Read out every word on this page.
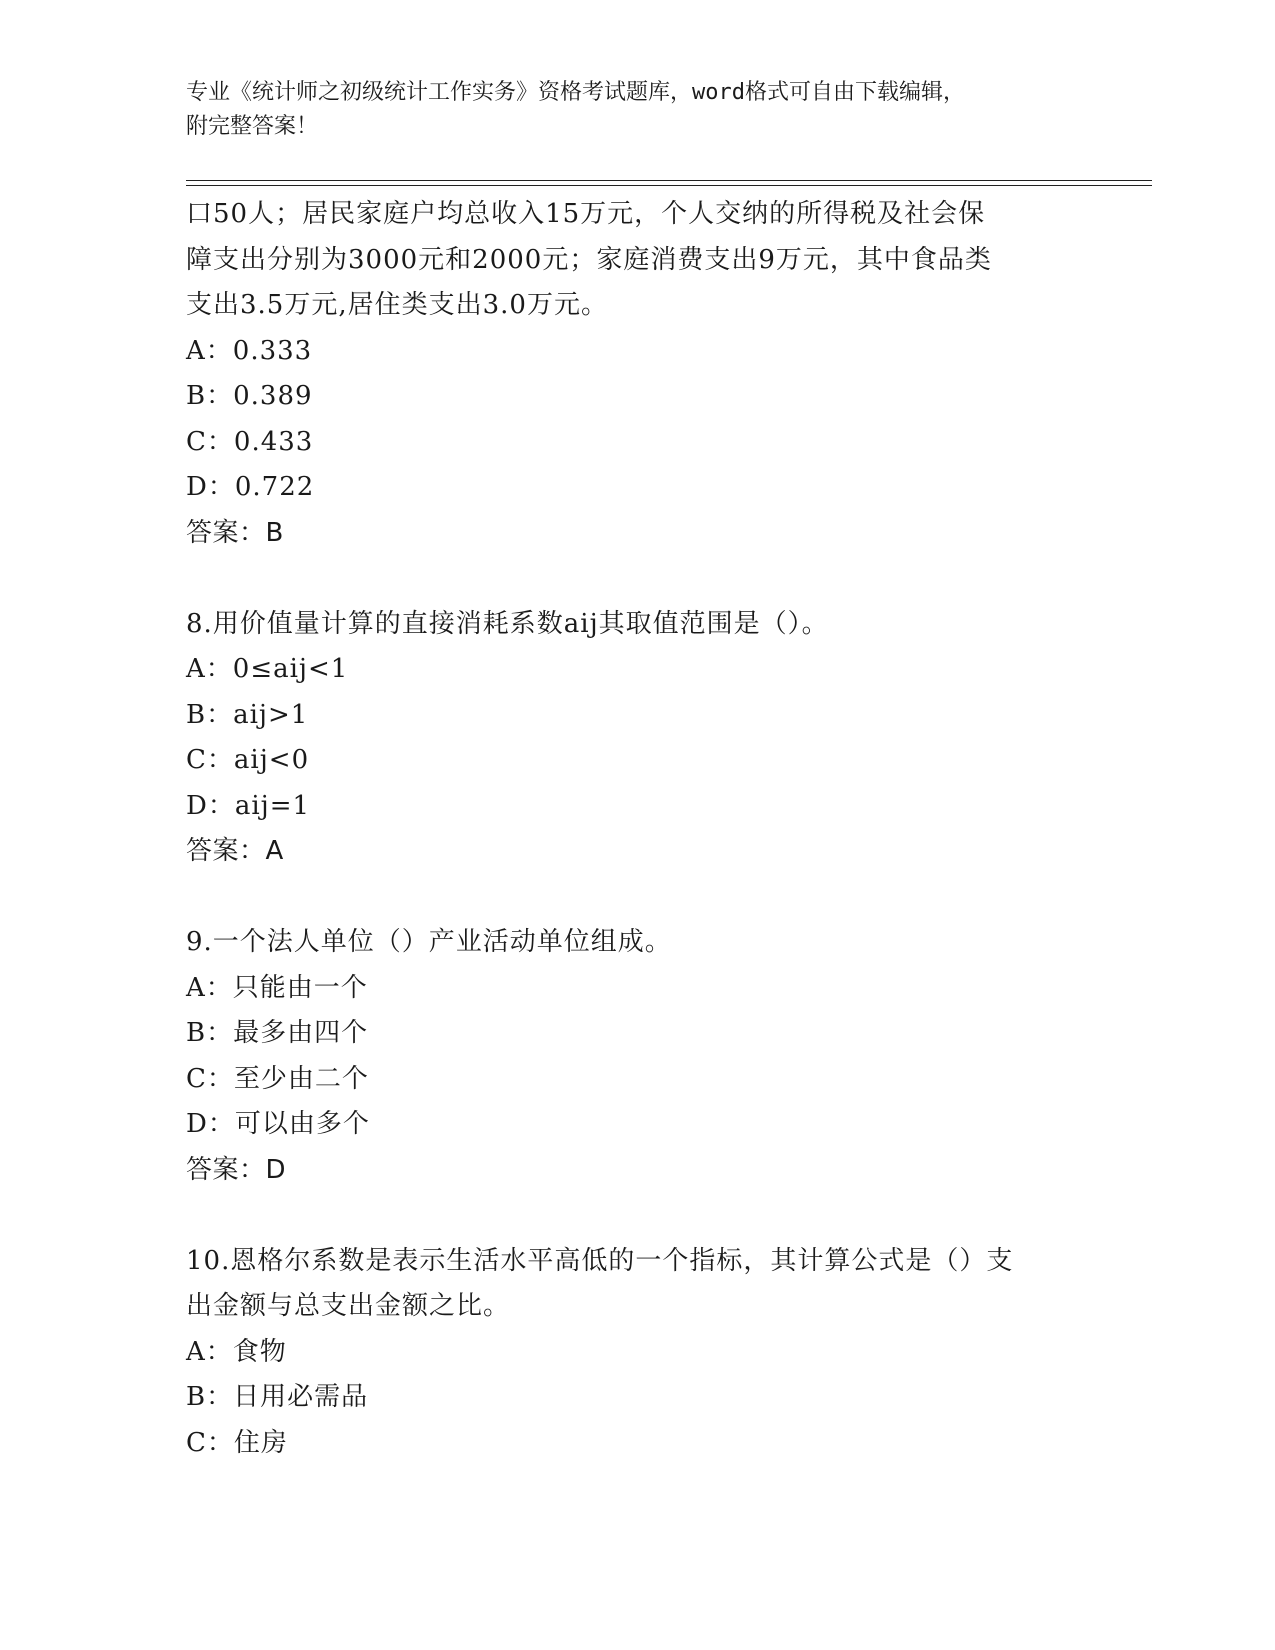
专业《统计师之初级统计工作实务》资格考试题库，word格式可自由下载编辑，
附完整答案！
口50人；居民家庭户均总收入15万元，个人交纳的所得税及社会保
障支出分别为3000元和2000元；家庭消费支出9万元，其中食品类
支出3.5万元,居住类支出3.0万元。
A：0.333
B：0.389
C：0.433
D：0.722
答案：B
8.用价值量计算的直接消耗系数aij其取值范围是（）。
A：0≤aij<1
B：aij>1
C：aij<0
D：aij=1
答案：A
9.一个法人单位（）产业活动单位组成。
A：只能由一个
B：最多由四个
C：至少由二个
D：可以由多个
答案：D
10.恩格尔系数是表示生活水平高低的一个指标，其计算公式是（）支
出金额与总支出金额之比。
A：食物
B：日用必需品
C：住房
